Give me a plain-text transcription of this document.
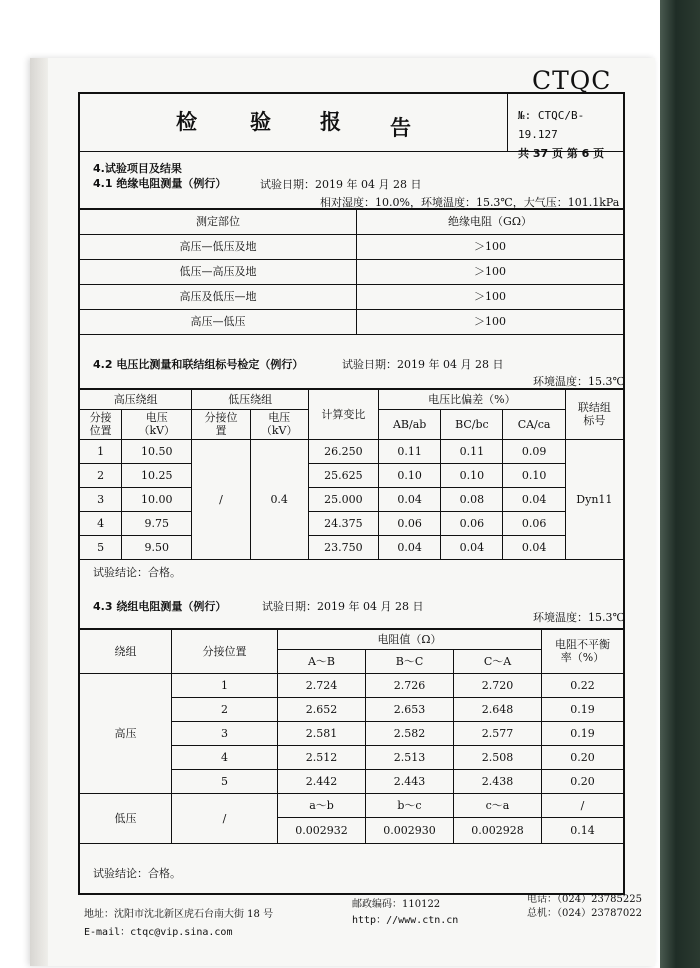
CTQC
检	验 报 告
№: CTQC/B-19.127
共 37 页 第 6 页
4.试验项目及结果
4.1 绝缘电阻测量（例行）	试验日期：2019 年 04 月 28 日
相对湿度：10.0%，环境温度：15.3℃，大气压：101.1kPa
测定部位	绝缘电阻（GΩ）
高压—低压及地	＞100
低压—高压及地	＞100
高压及低压—地	＞100
高压—低压	＞100
4.2 电压比测量和联结组标号检定（例行）	试验日期：2019 年 04 月 28 日
环境温度：15.3℃
高压绕组		低压绕组		计算变比	电压比偏差（%）			联结组标号
分接位置	电压（kV）	分接位置	电压（kV）		AB/ab	BC/bc	CA/ca	
1	10.50	/	0.4	26.250	0.11	0.11	0.09	Dyn11
2	10.25			25.625	0.10	0.10	0.10	
3	10.00			25.000	0.04	0.08	0.04	
4	9.75			24.375	0.06	0.06	0.06	
5	9.50			23.750	0.04	0.04	0.04	
试验结论：合格。
4.3 绕组电阻测量（例行）	试验日期：2019 年 04 月 28 日
环境温度：15.3℃
绕组	分接位置	电阻值（Ω）			电阻不平衡率（%）
		A～B	B～C	C～A	
高压	1	2.724	2.726	2.720	0.22
	2	2.652	2.653	2.648	0.19
	3	2.581	2.582	2.577	0.19
	4	2.512	2.513	2.508	0.20
	5	2.442	2.443	2.438	0.20
低压	/	a～b	b～c	c～a	/
		0.002932	0.002930	0.002928	0.14
试验结论：合格。
地址：沈阳市沈北新区虎石台南大街 18 号
E-mail：ctqc@vip.sina.com
邮政编码：110122
http：//www.ctn.cn
电话：（024）23785225
总机：（024）23787022
